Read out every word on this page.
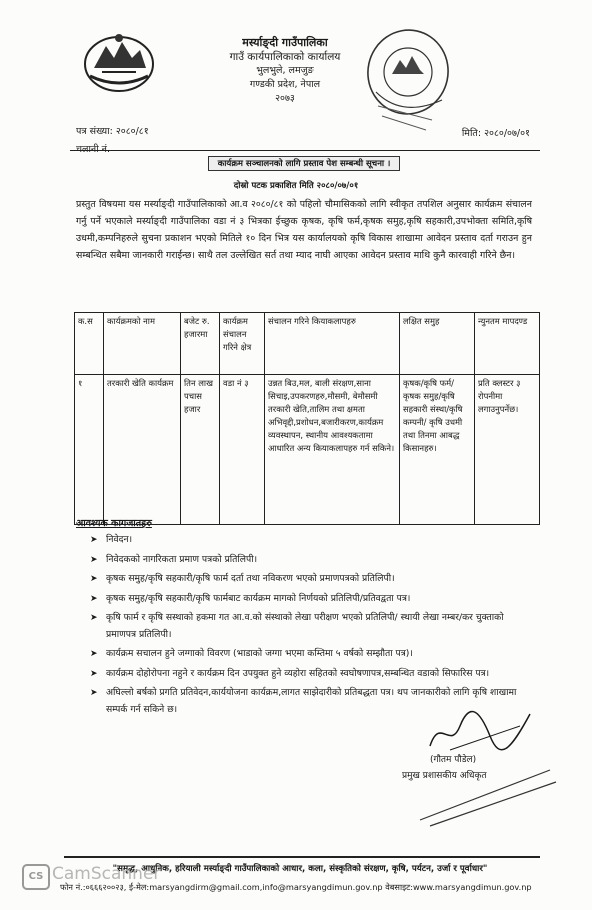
मर्स्याङ्दी गाउँपालिका
गाउँ कार्यपालिकाको कार्यालय
भुलभुले, लमजुङ
गण्डकी प्रदेश, नेपाल
२०७३
पत्र संख्या: २०८०/८१	मिति: २०८०/०७/०१
कार्यक्रम सञ्चालनको लागि प्रस्ताव पेश सम्बन्धी सूचना ।
दोस्रो पटक प्रकाशित मिति २०८०/०७/०१
प्रस्तुत विषयमा यस मर्स्याङ्दी गाउँपालिकाको आ.व २०८०/८१ को पहिलो चौमासिकको लागि स्वीकृत तपशिल अनुसार कार्यक्रम संचालन गर्नु पर्ने भएकाले मर्स्याङ्दी गाउँपालिका वडा नं ३ भित्रका ईच्छुक कृषक, कृषि फर्म,कृषक समुह,कृषि सहकारी,उपभोक्ता समिति,कृषि उधमी,कम्पनिहरुले सुचना प्रकाशन भएको मितिले १० दिन भित्र यस कार्यालयको कृषि विकास शाखामा आवेदन प्रस्ताव दर्ता गराउन हुन सम्बन्धित सबैमा जानकारी गराईन्छ। साथै तल उल्लेखित सर्त तथा म्याद नाघी आएका आवेदन प्रस्ताव माथि कुनै कारवाही गरिने छैन।
क.स	कार्यक्रमको नाम	बजेट रु. हजारमा	कार्यक्रम संचालन गरिने क्षेत्र	संचालन गरिने कियाकलापहरु	लक्षित समुह	न्युनतम मापदण्ड
१	तरकारी खेति कार्यक्रम	तिन लाख पचास हजार	वडा नं ३	उन्नत बिउ,मल, बाली संरक्षण,साना सिचाइ,उपकरणहरु,मौसमी, बेमौसमी तरकारी खेति,तालिम तथा क्षमता अभिवृद्दी,प्रशोधन,बजारीकरण,कार्यक्रम व्यवस्थापन, स्थानीय आवश्यकतामा आधारित अन्य कियाकलापहरु गर्न सकिने।	कृषक/कृषि फर्म/ कृषक समुह/कृषि सहकारी संस्था/कृषि कम्पनी/ कृषि उधमी तथा तिनमा आबद्ध किसानहरु।	प्रति क्लस्टर ३ रोपनीमा लगाउनुपर्नेछ।
आवश्यक कागजातहरु
➤ निवेदन।
➤ निवेदकको नागरिकता प्रमाण पत्रको प्रतिलिपी।
➤ कृषक समुह/कृषि सहकारी/कृषि फार्म दर्ता तथा नविकरण भएको प्रमाणपत्रको प्रतिलिपी।
➤ कृषक समुह/कृषि सहकारी/कृषि फार्मबाट कार्यक्रम मागको निर्णयको प्रतिलिपी/प्रतिवद्वता पत्र।
➤ कृषि फार्म र कृषि सस्थाको हकमा गत आ.व.को संस्थाको लेखा परीक्षण भएको प्रतिलिपी/ स्थायी लेखा नम्बर/कर चुक्ताको प्रमाणपत्र प्रतिलिपी।
➤ कार्यक्रम सचालन हुने जग्गाको विवरण (भाडाको जग्गा भएमा कम्तिमा ५ वर्षको सम्झौता पत्र)।
➤ कार्यक्रम दोहोरोपना नहुने र कार्यक्रम दिन उपयुक्त हुने व्यहोरा सहितको स्वघोषणापत्र,सम्बन्धित वडाको सिफारिस पत्र।
➤ अघिल्लो बर्षको प्रगति प्रतिवेदन,कार्ययोजना कार्यक्रम,लागत साझेदारीको प्रतिबद्धता पत्र। थप जानकारीको लागि कृषि शाखामा सम्पर्क गर्न सकिने छ।
(गौतम पौडेल)
प्रमुख प्रशासकीय अधिकृत
"समृद्ध, आधुनिक, हरियाली मर्स्याङ्दी गाउँपालिकाको आधार, कला, संस्कृतिको संरक्षण, कृषि, पर्यटन, उर्जा र पूर्वाधार"
फोन नं.:०६६६२००२३, ई-मेल:marsyangdirm@gmail.com,info@marsyangdimun.gov.np वेबसाइट:www.marsyangdimun.gov.np
CS CamScanner
